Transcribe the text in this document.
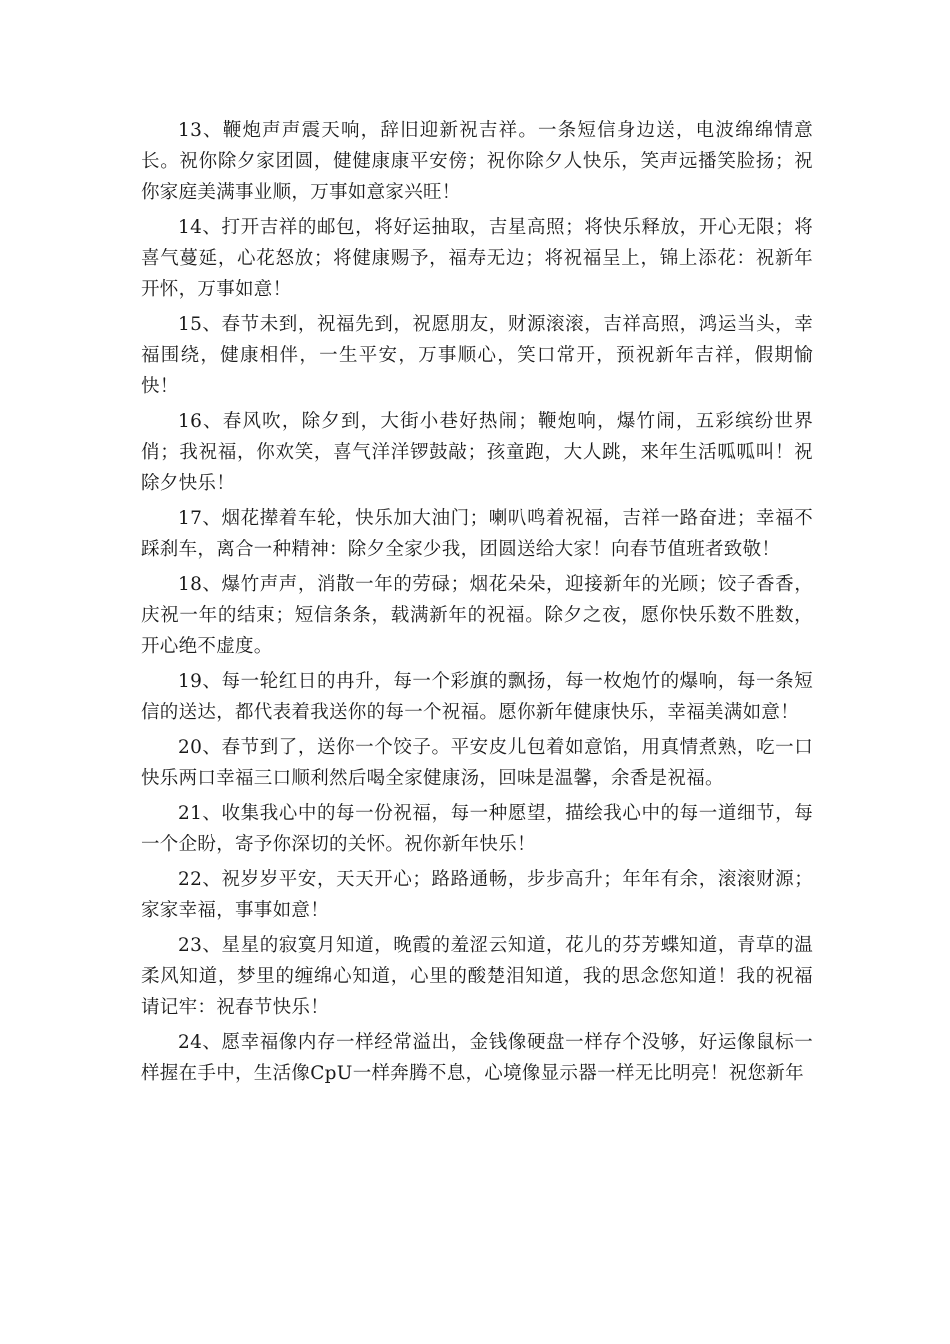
13、鞭炮声声震天响，辞旧迎新祝吉祥。一条短信身边送，电波绵绵情意长。祝你除夕家团圆，健健康康平安傍；祝你除夕人快乐，笑声远播笑脸扬；祝你家庭美满事业顺，万事如意家兴旺！

14、打开吉祥的邮包，将好运抽取，吉星高照；将快乐释放，开心无限；将喜气蔓延，心花怒放；将健康赐予，福寿无边；将祝福呈上，锦上添花：祝新年开怀，万事如意！

15、春节未到，祝福先到，祝愿朋友，财源滚滚，吉祥高照，鸿运当头，幸福围绕，健康相伴，一生平安，万事顺心，笑口常开，预祝新年吉祥，假期愉快！

16、春风吹，除夕到，大街小巷好热闹；鞭炮响，爆竹闹，五彩缤纷世界俏；我祝福，你欢笑，喜气洋洋锣鼓敲；孩童跑，大人跳，来年生活呱呱叫！祝除夕快乐！

17、烟花撵着车轮，快乐加大油门；喇叭鸣着祝福，吉祥一路奋进；幸福不踩刹车，离合一种精神：除夕全家少我，团圆送给大家！向春节值班者致敬！

18、爆竹声声，消散一年的劳碌；烟花朵朵，迎接新年的光顾；饺子香香，庆祝一年的结束；短信条条，载满新年的祝福。除夕之夜，愿你快乐数不胜数，开心绝不虚度。

19、每一轮红日的冉升，每一个彩旗的飘扬，每一枚炮竹的爆响，每一条短信的送达，都代表着我送你的每一个祝福。愿你新年健康快乐，幸福美满如意！

20、春节到了，送你一个饺子。平安皮儿包着如意馅，用真情煮熟，吃一口快乐两口幸福三口顺利然后喝全家健康汤，回味是温馨，余香是祝福。

21、收集我心中的每一份祝福，每一种愿望，描绘我心中的每一道细节，每一个企盼，寄予你深切的关怀。祝你新年快乐！

22、祝岁岁平安，天天开心；路路通畅，步步高升；年年有余，滚滚财源；家家幸福，事事如意！

23、星星的寂寞月知道，晚霞的羞涩云知道，花儿的芬芳蝶知道，青草的温柔风知道，梦里的缠绵心知道，心里的酸楚泪知道，我的思念您知道！我的祝福请记牢：祝春节快乐！

24、愿幸福像内存一样经常溢出，金钱像硬盘一样存个没够，好运像鼠标一样握在手中，生活像CpU一样奔腾不息，心境像显示器一样无比明亮！祝您新年
